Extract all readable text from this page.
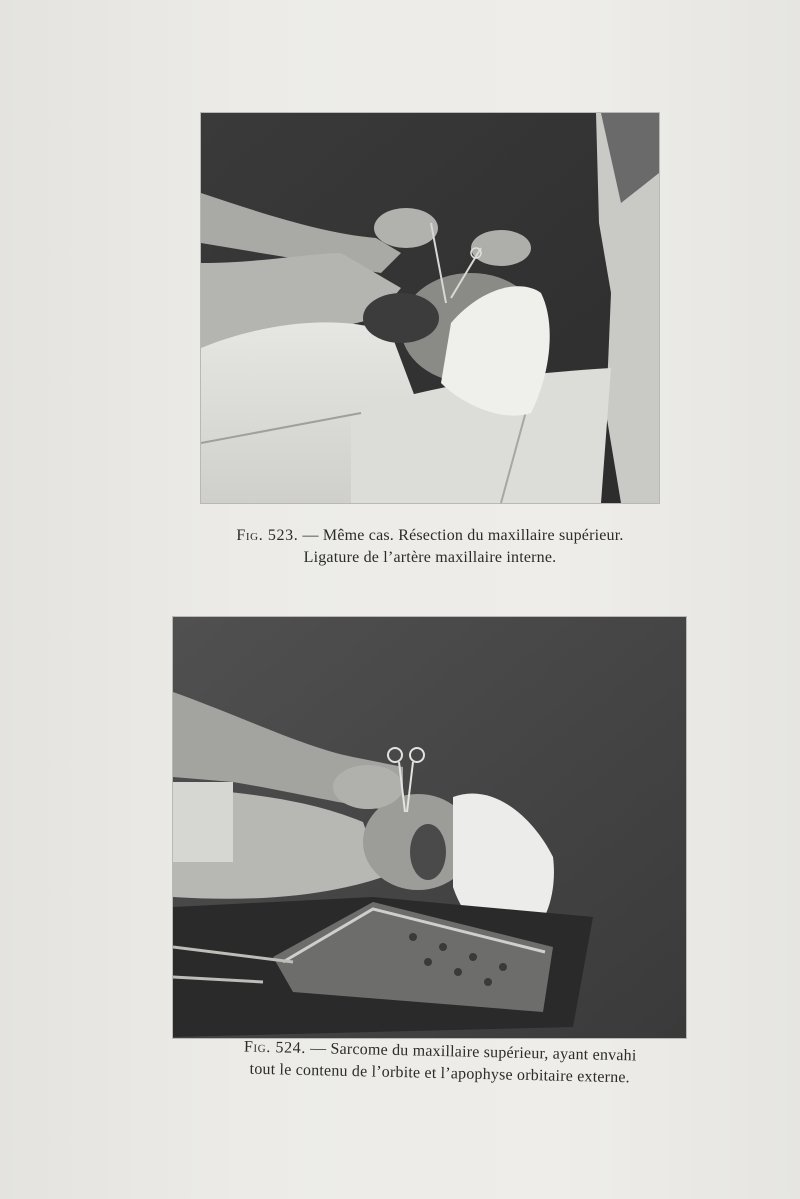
Fig. 523. — Même cas. Résection du maxillaire supérieur.
Ligature de l’artère maxillaire interne.
Fig. 524. — Sarcome du maxillaire supérieur, ayant envahi
tout le contenu de l’orbite et l’apophyse orbitaire externe.
